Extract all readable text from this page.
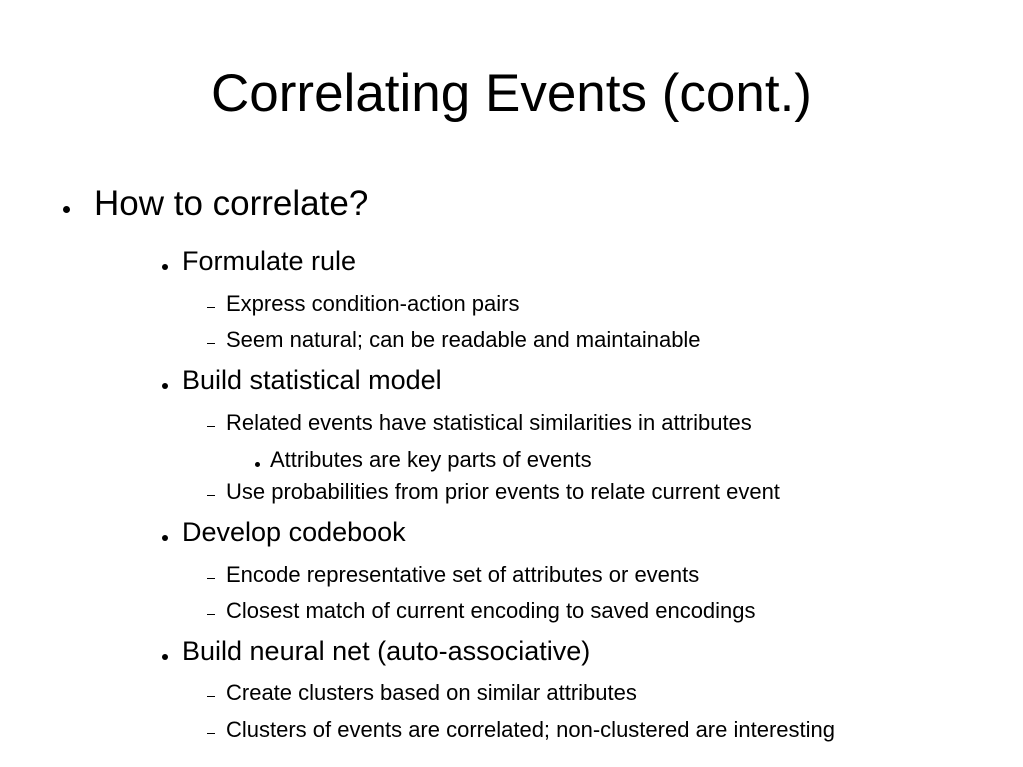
Correlating Events (cont.)
How to correlate?
Formulate rule
Express condition-action pairs
Seem natural; can be readable and maintainable
Build statistical model
Related events have statistical similarities in attributes
Attributes are key parts of events
Use probabilities from prior events to relate current event
Develop codebook
Encode representative set of attributes or events
Closest match of current encoding to saved encodings
Build neural net (auto-associative)
Create clusters based on similar attributes
Clusters of events are correlated; non-clustered are interesting
